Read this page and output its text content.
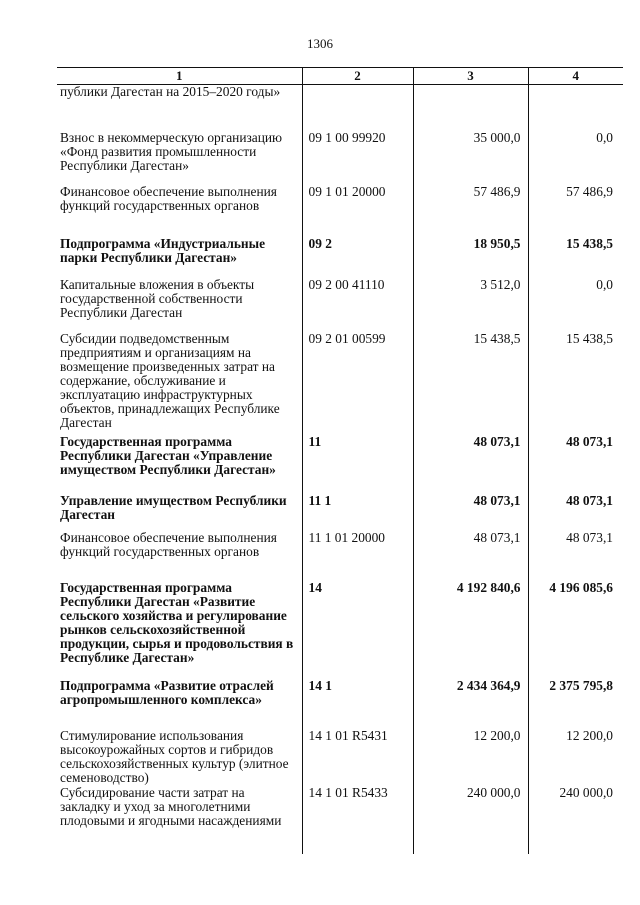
1306
1	2	3	4
публики Дагестан на 2015–2020 годы»			
Взнос в некоммерческую организацию «Фонд развития промышленности Республики Дагестан»	09 1 00 99920	35 000,0	0,0
Финансовое обеспечение выполнения функций государственных органов	09 1 01 20000	57 486,9	57 486,9
Подпрограмма «Индустриальные парки Республики Дагестан»	09 2	18 950,5	15 438,5
Капитальные вложения в объекты государственной собственности Республики Дагестан	09 2 00 41110	3 512,0	0,0
Субсидии подведомственным предприятиям и организациям на возмещение произведенных затрат на содержание, обслуживание и эксплуатацию инфраструктурных объектов, принадлежащих Республике Дагестан	09 2 01 00599	15 438,5	15 438,5
Государственная программа Республики Дагестан «Управление имуществом Республики Дагестан»	11	48 073,1	48 073,1
Управление имуществом Республики Дагестан	11 1	48 073,1	48 073,1
Финансовое обеспечение выполнения функций государственных органов	11 1 01 20000	48 073,1	48 073,1
Государственная программа Республики Дагестан «Развитие сельского хозяйства и регулирование рынков сельскохозяйственной продукции, сырья и продовольствия в Республике Дагестан»	14	4 192 840,6	4 196 085,6
Подпрограмма «Развитие отраслей агропромышленного комплекса»	14 1	2 434 364,9	2 375 795,8
Стимулирование использования высокоурожайных сортов и гибридов сельскохозяйственных культур (элитное семеноводство)	14 1 01 R5431	12 200,0	12 200,0
Субсидирование части затрат на закладку и уход за многолетними плодовыми и ягодными насаждениями	14 1 01 R5433	240 000,0	240 000,0
